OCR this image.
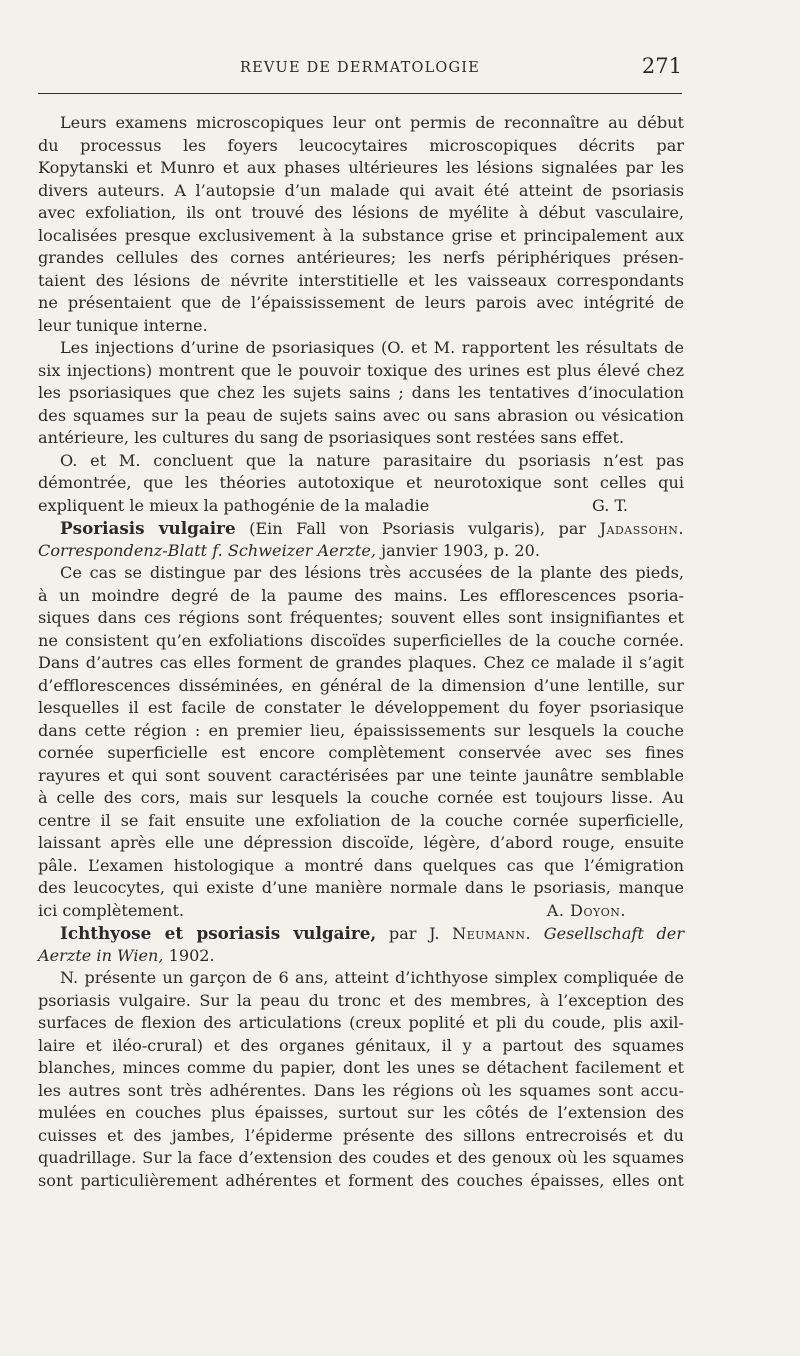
REVUE DE DERMATOLOGIE	271
Leurs examens microscopiques leur ont permis de reconnaître au début
du processus les foyers leucocytaires microscopiques décrits par
Kopytanski et Munro et aux phases ultérieures les lésions signalées par les
divers auteurs. A l’autopsie d’un malade qui avait été atteint de psoriasis
avec exfoliation, ils ont trouvé des lésions de myélite à début vasculaire,
localisées presque exclusivement à la substance grise et principalement aux
grandes cellules des cornes antérieures; les nerfs périphériques présen-
taient des lésions de névrite interstitielle et les vaisseaux correspondants
ne présentaient que de l’épaississement de leurs parois avec intégrité de
leur tunique interne.
Les injections d’urine de psoriasiques (O. et M. rapportent les résultats de
six injections) montrent que le pouvoir toxique des urines est plus élevé chez
les psoriasiques que chez les sujets sains ; dans les tentatives d’inoculation
des squames sur la peau de sujets sains avec ou sans abrasion ou vésication
antérieure, les cultures du sang de psoriasiques sont restées sans effet.
O. et M. concluent que la nature parasitaire du psoriasis n’est pas
démontrée, que les théories autotoxique et neurotoxique sont celles qui
expliquent le mieux la pathogénie de la maladie	G. T.
Psoriasis vulgaire (Ein Fall von Psoriasis vulgaris), par Jadassohn.
Correspondenz-Blatt f. Schweizer Aerzte, janvier 1903, p. 20.
Ce cas se distingue par des lésions très accusées de la plante des pieds,
à un moindre degré de la paume des mains. Les efflorescences psoria-
siques dans ces régions sont fréquentes; souvent elles sont insignifiantes et
ne consistent qu’en exfoliations discoïdes superficielles de la couche cornée.
Dans d’autres cas elles forment de grandes plaques. Chez ce malade il s’agit
d’efflorescences disséminées, en général de la dimension d’une lentille, sur
lesquelles il est facile de constater le développement du foyer psoriasique
dans cette région : en premier lieu, épaississements sur lesquels la couche
cornée superficielle est encore complètement conservée avec ses fines
rayures et qui sont souvent caractérisées par une teinte jaunâtre semblable
à celle des cors, mais sur lesquels la couche cornée est toujours lisse. Au
centre il se fait ensuite une exfoliation de la couche cornée superficielle,
laissant après elle une dépression discoïde, légère, d’abord rouge, ensuite
pâle. L’examen histologique a montré dans quelques cas que l’émigration
des leucocytes, qui existe d’une manière normale dans le psoriasis, manque
ici complètement.	A. Doyon.
Ichthyose et psoriasis vulgaire, par J. Neumann. Gesellschaft der
Aerzte in Wien, 1902.
N. présente un garçon de 6 ans, atteint d’ichthyose simplex compliquée de
psoriasis vulgaire. Sur la peau du tronc et des membres, à l’exception des
surfaces de flexion des articulations (creux poplité et pli du coude, plis axil-
laire et iléo-crural) et des organes génitaux, il y a partout des squames
blanches, minces comme du papier, dont les unes se détachent facilement et
les autres sont très adhérentes. Dans les régions où les squames sont accu-
mulées en couches plus épaisses, surtout sur les côtés de l’extension des
cuisses et des jambes, l’épiderme présente des sillons entrecroisés et du
quadrillage. Sur la face d’extension des coudes et des genoux où les squames
sont particulièrement adhérentes et forment des couches épaisses, elles ont
